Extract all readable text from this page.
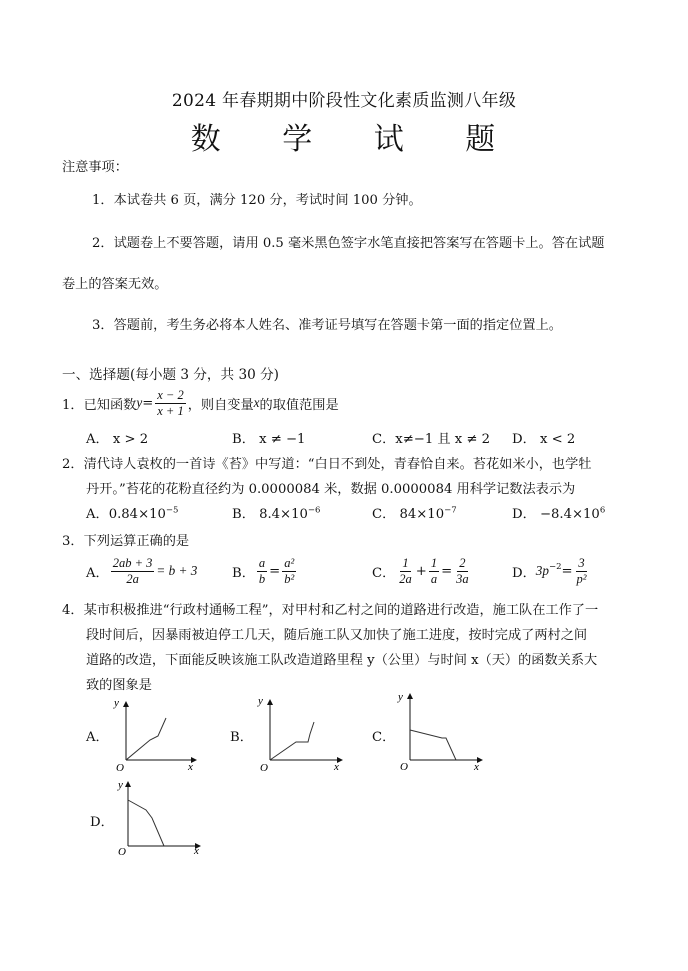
2024 年春期期中阶段性文化素质监测八年级
数 学 试 题
注意事项：
1．本试卷共 6 页，满分 120 分，考试时间 100 分钟。
2．试题卷上不要答题，请用 0.5 毫米黑色签字水笔直接把答案写在答题卡上。答在试题
卷上的答案无效。
3．答题前，考生务必将本人姓名、准考证号填写在答题卡第一面的指定位置上。
一、选择题(每小题 3 分，共 30 分)
1． 已知函数 $y = \frac{x - 2}{x + 1}$ ，则自变量 x 的取值范围是
A． x > 2	B． x ≠ −1	C．x≠−1 且 x ≠ 2 D． x < 2
2．清代诗人袁枚的一首诗《苔》中写道：“白日不到处，青春恰自来。苔花如米小，也学牡
丹开。”苔花的花粉直径约为 0.0000084 米，数据 0.0000084 用科学记数法表示为
A．$0.84\times 10^{-5}$	B． $8.4\times 10^{-6}$	C． $84\times 10^{-7}$	D． $-8.4\times 10^6$
3．下列运算正确的是
A． $\frac{2ab + 3}{2a} = b + 3$	B． $\frac{a}{b} = \frac{\text{a²}}{\text{b²}}$	C． $\frac{1}{2a} + \frac{1}{a} = \frac{2}{3a}$	D． $3p^{-2} = \frac{3}{\text{p²}}$
4．某市积极推进“行政村通畅工程”，对甲村和乙村之间的道路进行改造，施工队在工作了一
段时间后，因暴雨被迫停工几天，随后施工队又加快了施工进度，按时完成了两村之间
道路的改造，下面能反映该施工队改造道路里程 y（公里）与时间 x（天）的函数关系大
致的图象是
A．	B．	C．
D．
y
x
O
y
x
O
y
x
O
y
x
O
